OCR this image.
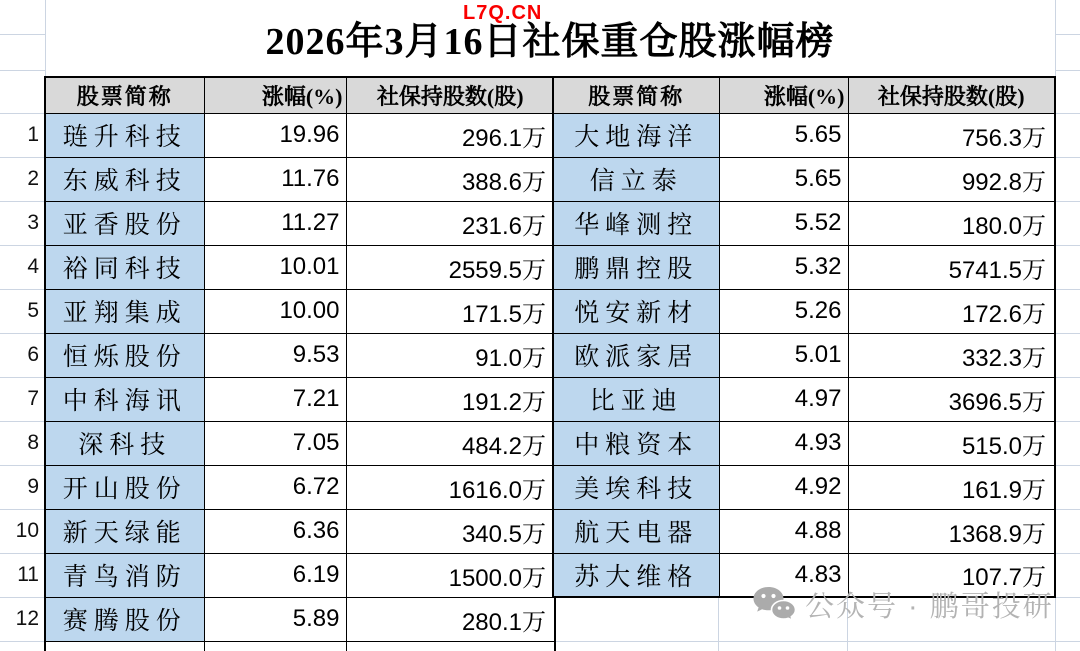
1
2
3
4
5
6
7
8
9
10
11
12
2026年3月16日社保重仓股涨幅榜
L7Q.CN
股票简称	涨幅(%)	社保持股数(股)
琏升科技	19.96	296.1万
东威科技	11.76	388.6万
亚香股份	11.27	231.6万
裕同科技	10.01	2559.5万
亚翔集成	10.00	171.5万
恒烁股份	9.53	91.0万
中科海讯	7.21	191.2万
深科技	7.05	484.2万
开山股份	6.72	1616.0万
新天绿能	6.36	340.5万
青鸟消防	6.19	1500.0万
赛腾股份	5.89	280.1万

股票简称	涨幅(%)	社保持股数(股)
大地海洋	5.65	756.3万
信立泰	5.65	992.8万
华峰测控	5.52	180.0万
鹏鼎控股	5.32	5741.5万
悦安新材	5.26	172.6万
欧派家居	5.01	332.3万
比亚迪	4.97	3696.5万
中粮资本	4.93	515.0万
美埃科技	4.92	161.9万
航天电器	4.88	1368.9万
苏大维格	4.83	107.7万
公众号 · 鹏哥投研
